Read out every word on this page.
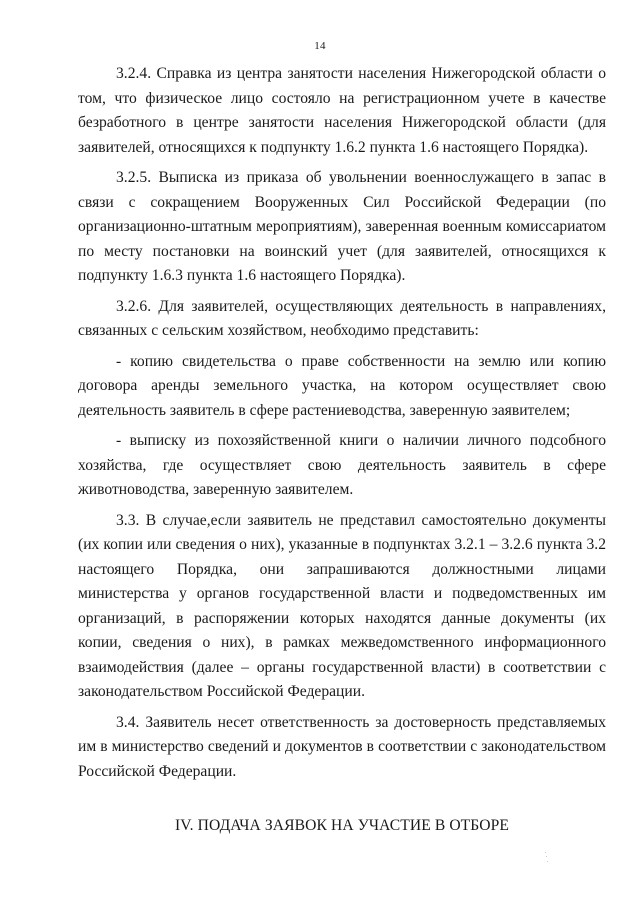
14

3.2.4. Справка из центра занятости населения Нижегородской области о том, что физическое лицо состояло на регистрационном учете в качестве безработного в центре занятости населения Нижегородской области (для заявителей, относящихся к подпункту 1.6.2 пункта 1.6 настоящего Порядка).

3.2.5. Выписка из приказа об увольнении военнослужащего в запас в связи с сокращением Вооруженных Сил Российской Федерации (по организационно-штатным мероприятиям), заверенная военным комиссариатом по месту постановки на воинский учет (для заявителей, относящихся к подпункту 1.6.3 пункта 1.6 настоящего Порядка).

3.2.6. Для заявителей, осуществляющих деятельность в направлениях, связанных с сельским хозяйством, необходимо представить:

- копию свидетельства о праве собственности на землю или копию договора аренды земельного участка, на котором осуществляет свою деятельность заявитель в сфере растениеводства, заверенную заявителем;

- выписку из похозяйственной книги о наличии личного подсобного хозяйства, где осуществляет свою деятельность заявитель в сфере животноводства, заверенную заявителем.

3.3. В случае,если заявитель не представил самостоятельно документы (их копии или сведения о них), указанные в подпунктах 3.2.1 – 3.2.6 пункта 3.2 настоящего Порядка, они запрашиваются должностными лицами министерства у органов государственной власти и подведомственных им организаций, в распоряжении которых находятся данные документы (их копии, сведения о них), в рамках межведомственного информационного взаимодействия (далее – органы государственной власти) в соответствии с законодательством Российской Федерации.

3.4. Заявитель несет ответственность за достоверность представляемых им в министерство сведений и документов в соответствии с законодательством Российской Федерации.

IV. ПОДАЧА ЗАЯВОК НА УЧАСТИЕ В ОТБОРЕ
